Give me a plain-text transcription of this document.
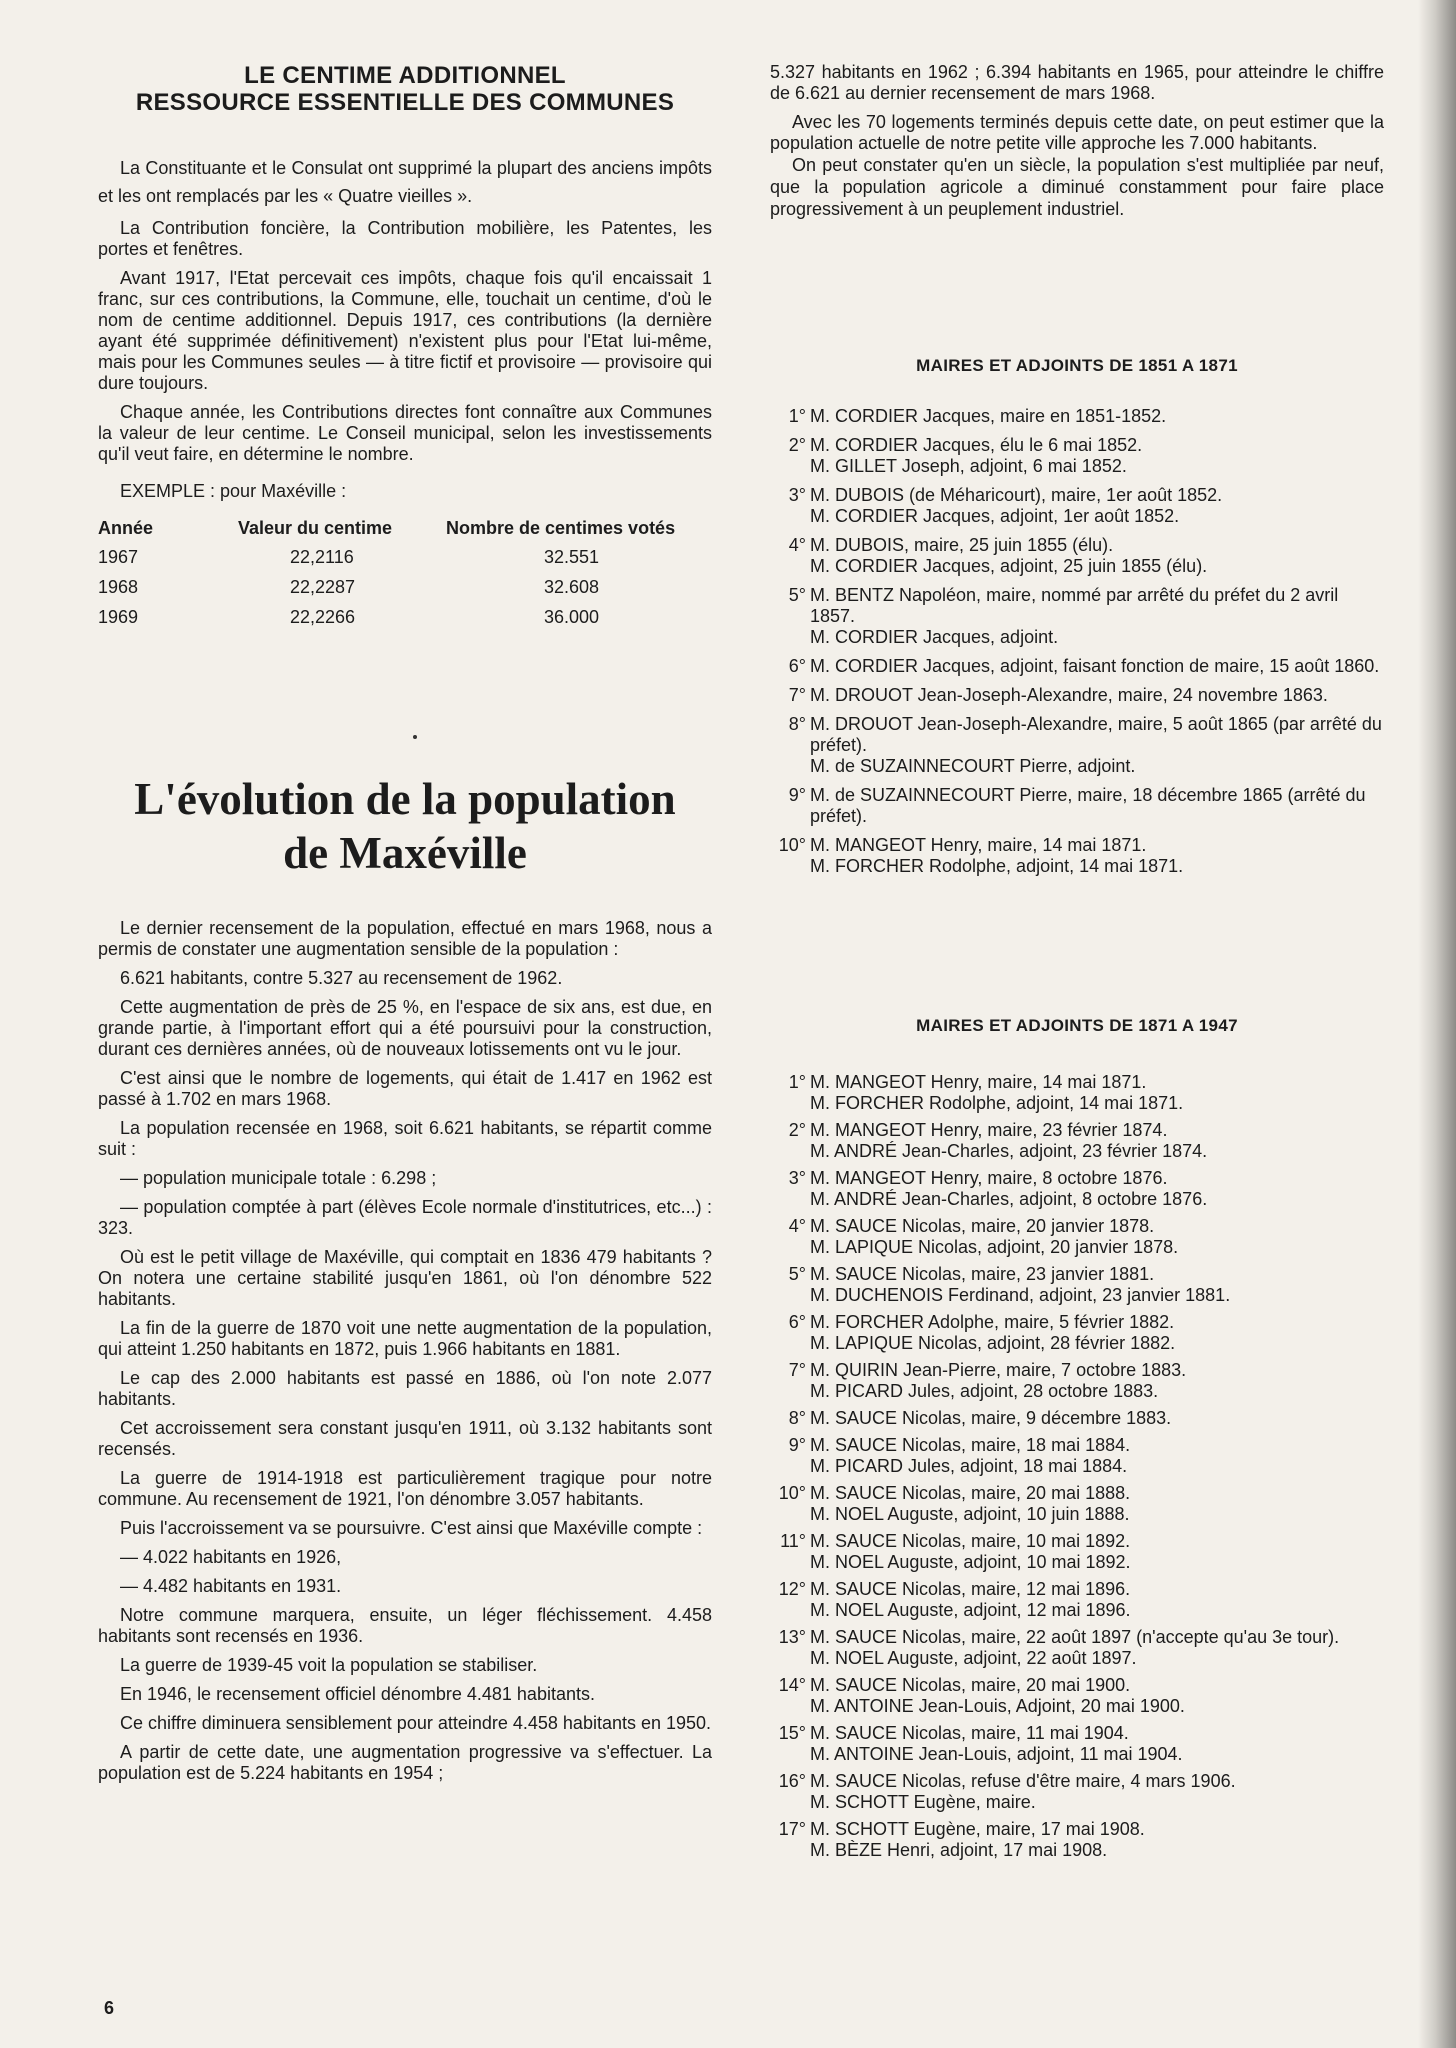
LE CENTIME ADDITIONNEL
RESSOURCE ESSENTIELLE DES COMMUNES

La Constituante et le Consulat ont supprimé la plupart des anciens impôts et les ont remplacés par les « Quatre vieilles ».

La Contribution foncière, la Contribution mobilière, les Patentes, les portes et fenêtres.

Avant 1917, l'Etat percevait ces impôts, chaque fois qu'il encaissait 1 franc, sur ces contributions, la Commune, elle, touchait un centime, d'où le nom de centime additionnel. Depuis 1917, ces contributions (la dernière ayant été supprimée définitivement) n'existent plus pour l'Etat lui-même, mais pour les Communes seules — à titre fictif et provisoire — provisoire qui dure toujours.

Chaque année, les Contributions directes font connaître aux Communes la valeur de leur centime. Le Conseil municipal, selon les investissements qu'il veut faire, en détermine le nombre.

EXEMPLE : pour Maxéville :

Année	Valeur du centime	Nombre de centimes votés
1967	22,2116	32.551
1968	22,2287	32.608
1969	22,2266	36.000
L'évolution de la population
de Maxéville

Le dernier recensement de la population, effectué en mars 1968, nous a permis de constater une augmentation sensible de la population :

6.621 habitants, contre 5.327 au recensement de 1962.

Cette augmentation de près de 25 %, en l'espace de six ans, est due, en grande partie, à l'important effort qui a été poursuivi pour la construction, durant ces dernières années, où de nouveaux lotissements ont vu le jour.

C'est ainsi que le nombre de logements, qui était de 1.417 en 1962 est passé à 1.702 en mars 1968.

La population recensée en 1968, soit 6.621 habitants, se répartit comme suit :

— population municipale totale : 6.298 ;

— population comptée à part (élèves Ecole normale d'institutrices, etc...) : 323.

Où est le petit village de Maxéville, qui comptait en 1836 479 habitants ? On notera une certaine stabilité jusqu'en 1861, où l'on dénombre 522 habitants.

La fin de la guerre de 1870 voit une nette augmentation de la population, qui atteint 1.250 habitants en 1872, puis 1.966 habitants en 1881.

Le cap des 2.000 habitants est passé en 1886, où l'on note 2.077 habitants.

Cet accroissement sera constant jusqu'en 1911, où 3.132 habitants sont recensés.

La guerre de 1914-1918 est particulièrement tragique pour notre commune. Au recensement de 1921, l'on dénombre 3.057 habitants.

Puis l'accroissement va se poursuivre. C'est ainsi que Maxéville compte :

— 4.022 habitants en 1926,

— 4.482 habitants en 1931.

Notre commune marquera, ensuite, un léger fléchissement. 4.458 habitants sont recensés en 1936.

La guerre de 1939-45 voit la population se stabiliser.

En 1946, le recensement officiel dénombre 4.481 habitants.

Ce chiffre diminuera sensiblement pour atteindre 4.458 habitants en 1950.

A partir de cette date, une augmentation progressive va s'effectuer. La population est de 5.224 habitants en 1954 ;

6

5.327 habitants en 1962 ; 6.394 habitants en 1965, pour atteindre le chiffre de 6.621 au dernier recensement de mars 1968.

Avec les 70 logements terminés depuis cette date, on peut estimer que la population actuelle de notre petite ville approche les 7.000 habitants.

On peut constater qu'en un siècle, la population s'est multipliée par neuf, que la population agricole a diminué constamment pour faire place progressivement à un peuplement industriel.

MAIRES ET ADJOINTS DE 1851 A 1871
1° M. CORDIER Jacques, maire en 1851-1852.
2° M. CORDIER Jacques, élu le 6 mai 1852.
M. GILLET Joseph, adjoint, 6 mai 1852.
3° M. DUBOIS (de Méharicourt), maire, 1er août 1852.
M. CORDIER Jacques, adjoint, 1er août 1852.
4° M. DUBOIS, maire, 25 juin 1855 (élu).
M. CORDIER Jacques, adjoint, 25 juin 1855 (élu).
5° M. BENTZ Napoléon, maire, nommé par arrêté du préfet du 2 avril 1857.
M. CORDIER Jacques, adjoint.
6° M. CORDIER Jacques, adjoint, faisant fonction de maire, 15 août 1860.
7° M. DROUOT Jean-Joseph-Alexandre, maire, 24 novembre 1863.
8° M. DROUOT Jean-Joseph-Alexandre, maire, 5 août 1865 (par arrêté du préfet).
M. de SUZAINNECOURT Pierre, adjoint.
9° M. de SUZAINNECOURT Pierre, maire, 18 décembre 1865 (arrêté du préfet).
10° M. MANGEOT Henry, maire, 14 mai 1871.
M. FORCHER Rodolphe, adjoint, 14 mai 1871.
MAIRES ET ADJOINTS DE 1871 A 1947
1° M. MANGEOT Henry, maire, 14 mai 1871.
M. FORCHER Rodolphe, adjoint, 14 mai 1871.
2° M. MANGEOT Henry, maire, 23 février 1874.
M. ANDRÉ Jean-Charles, adjoint, 23 février 1874.
3° M. MANGEOT Henry, maire, 8 octobre 1876.
M. ANDRÉ Jean-Charles, adjoint, 8 octobre 1876.
4° M. SAUCE Nicolas, maire, 20 janvier 1878.
M. LAPIQUE Nicolas, adjoint, 20 janvier 1878.
5° M. SAUCE Nicolas, maire, 23 janvier 1881.
M. DUCHENOIS Ferdinand, adjoint, 23 janvier 1881.
6° M. FORCHER Adolphe, maire, 5 février 1882.
M. LAPIQUE Nicolas, adjoint, 28 février 1882.
7° M. QUIRIN Jean-Pierre, maire, 7 octobre 1883.
M. PICARD Jules, adjoint, 28 octobre 1883.
8° M. SAUCE Nicolas, maire, 9 décembre 1883.
9° M. SAUCE Nicolas, maire, 18 mai 1884.
M. PICARD Jules, adjoint, 18 mai 1884.
10° M. SAUCE Nicolas, maire, 20 mai 1888.
M. NOEL Auguste, adjoint, 10 juin 1888.
11° M. SAUCE Nicolas, maire, 10 mai 1892.
M. NOEL Auguste, adjoint, 10 mai 1892.
12° M. SAUCE Nicolas, maire, 12 mai 1896.
M. NOEL Auguste, adjoint, 12 mai 1896.
13° M. SAUCE Nicolas, maire, 22 août 1897 (n'accepte qu'au 3e tour).
M. NOEL Auguste, adjoint, 22 août 1897.
14° M. SAUCE Nicolas, maire, 20 mai 1900.
M. ANTOINE Jean-Louis, Adjoint, 20 mai 1900.
15° M. SAUCE Nicolas, maire, 11 mai 1904.
M. ANTOINE Jean-Louis, adjoint, 11 mai 1904.
16° M. SAUCE Nicolas, refuse d'être maire, 4 mars 1906.
M. SCHOTT Eugène, maire.
17° M. SCHOTT Eugène, maire, 17 mai 1908.
M. BÈZE Henri, adjoint, 17 mai 1908.
